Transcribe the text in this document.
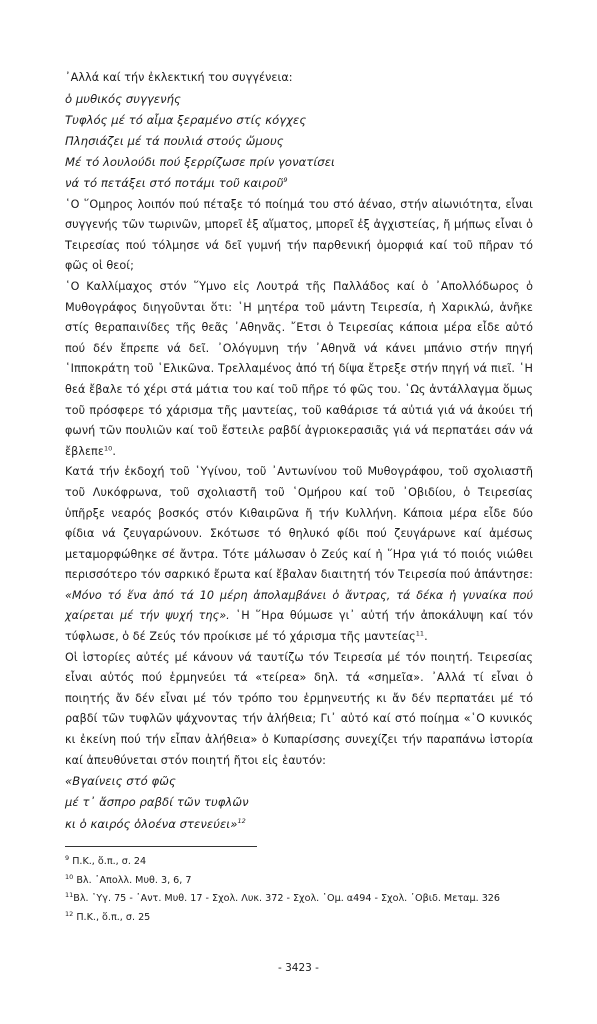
᾿Αλλά καί τήν ἐκλεκτική του συγγένεια:

ὁ μυθικός συγγενής

Τυφλός μέ τό αἷμα ξεραμένο στίς κόγχες

Πλησιάζει μέ τά πουλιά στούς ὤμους

Μέ τό λουλούδι πού ξερρίζωσε πρίν γονατίσει

νά τό πετάξει στό ποτάμι τοῦ καιροῦ$^9$

῾Ο ῞Ομηρος λοιπόν πού πέταξε τό ποίημά του στό ἀέναο, στήν αἰωνιότητα, εἶναι συγγενής τῶν τωρινῶν, μπορεῖ ἐξ αἵματος, μπορεῖ ἐξ ἀγχιστείας, ἤ μήπως εἶναι ὁ Τειρεσίας πού τόλμησε νά δεῖ γυμνή τήν παρθενική ὀμορφιά καί τοῦ πῆραν τό φῶς οἱ θεοί;

῾Ο Καλλίμαχος στόν ῞Υμνο εἰς Λουτρά τῆς Παλλάδος καί ὁ ᾿Απολλόδωρος ὁ Μυθογράφος διηγοῦνται ὅτι: ῾Η μητέρα τοῦ μάντη Τειρεσία, ἡ Χαρικλώ, ἀνῆκε στίς θεραπαινίδες τῆς θεᾶς ᾿Αθηνᾶς. ῎Ετσι ὁ Τειρεσίας κάποια μέρα εἶδε αὐτό πού δέν ἔπρεπε νά δεῖ. ᾿Ολόγυμνη τήν ᾿Αθηνᾶ νά κάνει μπάνιο στήν πηγή ῾Ιπποκράτη τοῦ ῾Ελικῶνα. Τρελλαμένος ἀπό τή δίψα ἔτρεξε στήν πηγή νά πιεῖ. ῾Η θεά ἔβαλε τό χέρι στά μάτια του καί τοῦ πῆρε τό φῶς του. ῾Ως ἀντάλλαγμα ὅμως τοῦ πρόσφερε τό χάρισμα τῆς μαντείας, τοῦ καθάρισε τά αὐτιά γιά νά ἀκούει τή φωνή τῶν πουλιῶν καί τοῦ ἔστειλε ραβδί ἀγριοκερασιᾶς γιά νά περπατάει σάν νά ἔβλεπε$^{10}$.

Κατά τήν ἐκδοχή τοῦ ῾Υγίνου, τοῦ ᾿Αντωνίνου τοῦ Μυθογράφου, τοῦ σχολιαστῆ τοῦ Λυκόφρωνα, τοῦ σχολιαστῆ τοῦ ῾Ομήρου καί τοῦ ᾿Οβιδίου, ὁ Τειρεσίας ὑπῆρξε νεαρός βοσκός στόν Κιθαιρῶνα ἤ τήν Κυλλήνη. Κάποια μέρα εἶδε δύο φίδια νά ζευγαρώνουν. Σκότωσε τό θηλυκό φίδι πού ζευγάρωνε καί ἀμέσως μεταμορφώθηκε σέ ἄντρα. Τότε μάλωσαν ὁ Ζεύς καί ἡ ῞Ηρα γιά τό ποιός νιώθει περισσότερο τόν σαρκικό ἔρωτα καί ἔβαλαν διαιτητή τόν Τειρεσία πού ἀπάντησε: «Μόνο τό ἕνα ἀπό τά 10 μέρη ἀπολαμβάνει ὁ ἄντρας, τά δέκα ἡ γυναίκα πού χαίρεται μέ τήν ψυχή της». ῾Η ῞Ηρα θύμωσε γι᾿ αὐτή τήν ἀποκάλυψη καί τόν τύφλωσε, ὁ δέ Ζεύς τόν προίκισε μέ τό χάρισμα τῆς μαντείας$^{11}$.

Οἱ ἱστορίες αὐτές μέ κάνουν νά ταυτίζω τόν Τειρεσία μέ τόν ποιητή. Τειρεσίας εἶναι αὐτός πού ἑρμηνεύει τά «τείρεα» δηλ. τά «σημεῖα». ᾿Αλλά τί εἶναι ὁ ποιητής ἄν δέν εἶναι μέ τόν τρόπο του ἑρμηνευτής κι ἄν δέν περπατάει μέ τό ραβδί τῶν τυφλῶν ψάχνοντας τήν ἀλήθεια; Γι᾿ αὐτό καί στό ποίημα «῾Ο κυνικός κι ἐκείνη πού τήν εἶπαν ἀλήθεια» ὁ Κυπαρίσσης συνεχίζει τήν παραπάνω ἱστορία καί ἀπευθύνεται στόν ποιητή ἤτοι εἰς ἑαυτόν:

«Βγαίνεις στό φῶς

μέ τ᾿ ἄσπρο ραβδί τῶν τυφλῶν

κι ὁ καιρός ὁλοένα στενεύει»$^{12}$

$^9$ Π.Κ., ὅ.π., σ. 24

$^{10}$ Βλ. ᾿Απολλ. Μυθ. 3, 6, 7

$^{11}$Βλ. ῾Υγ. 75 - ᾿Αντ. Μυθ. 17 - Σχολ. Λυκ. 372 - Σχολ. ῾Ομ. α494 - Σχολ. ᾿Οβιδ. Μεταμ. 326

$^{12}$ Π.Κ., ὅ.π., σ. 25

- 3423 -
